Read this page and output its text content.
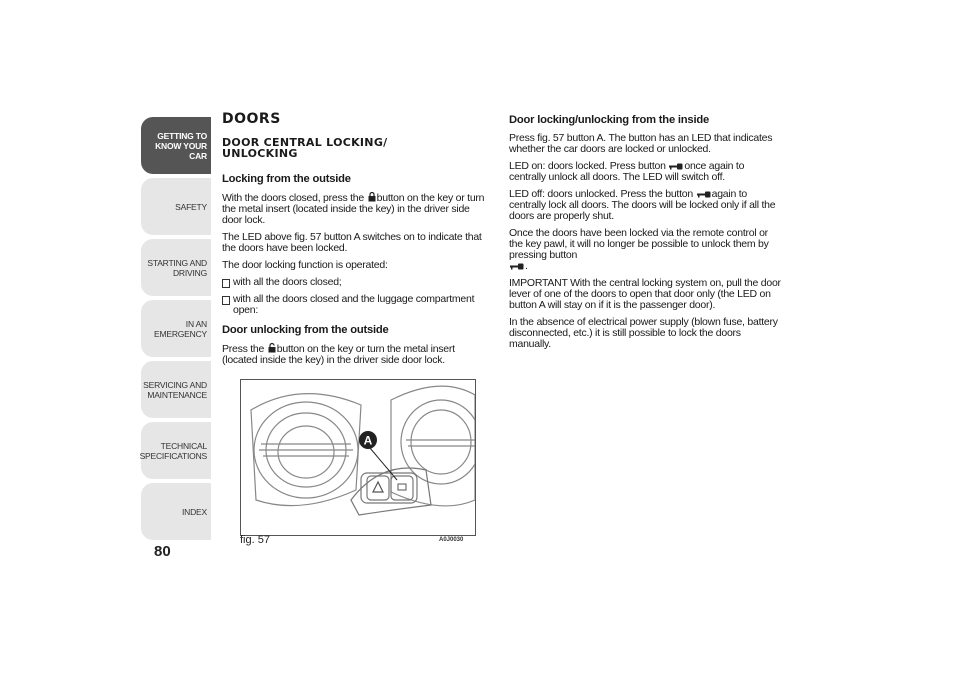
GETTING TO
KNOW YOUR CAR
SAFETY
STARTING AND
DRIVING
IN AN EMERGENCY
SERVICING AND
MAINTENANCE
TECHNICAL
SPECIFICATIONS
INDEX
80
DOORS
DOOR CENTRAL LOCKING/
UNLOCKING
Locking from the outside

With the doors closed, press the button on the key or turn the metal insert (located inside the key) in the driver side door lock.

The LED above fig. 57 button A switches on to indicate that the doors have been locked.

The door locking function is operated:

with all the doors closed;
with all the doors closed and the luggage compartment open:
Door unlocking from the outside

Press the button on the key or turn the metal insert (located inside the key) in the driver side door lock.

A
fig. 57	A0J0030
Door locking/unlocking from the inside

Press fig. 57 button A. The button has an LED that indicates whether the car doors are locked or unlocked.

LED on: doors locked. Press button once again to centrally unlock all doors. The LED will switch off.

LED off: doors unlocked. Press the button again to centrally lock all doors. The doors will be locked only if all the doors are properly shut.

Once the doors have been locked via the remote control or the key pawl, it will no longer be possible to unlock them by pressing button
.

IMPORTANT With the central locking system on, pull the door lever of one of the doors to open that door only (the LED on button A will stay on if it is the passenger door).

In the absence of electrical power supply (blown fuse, battery disconnected, etc.) it is still possible to lock the doors manually.
